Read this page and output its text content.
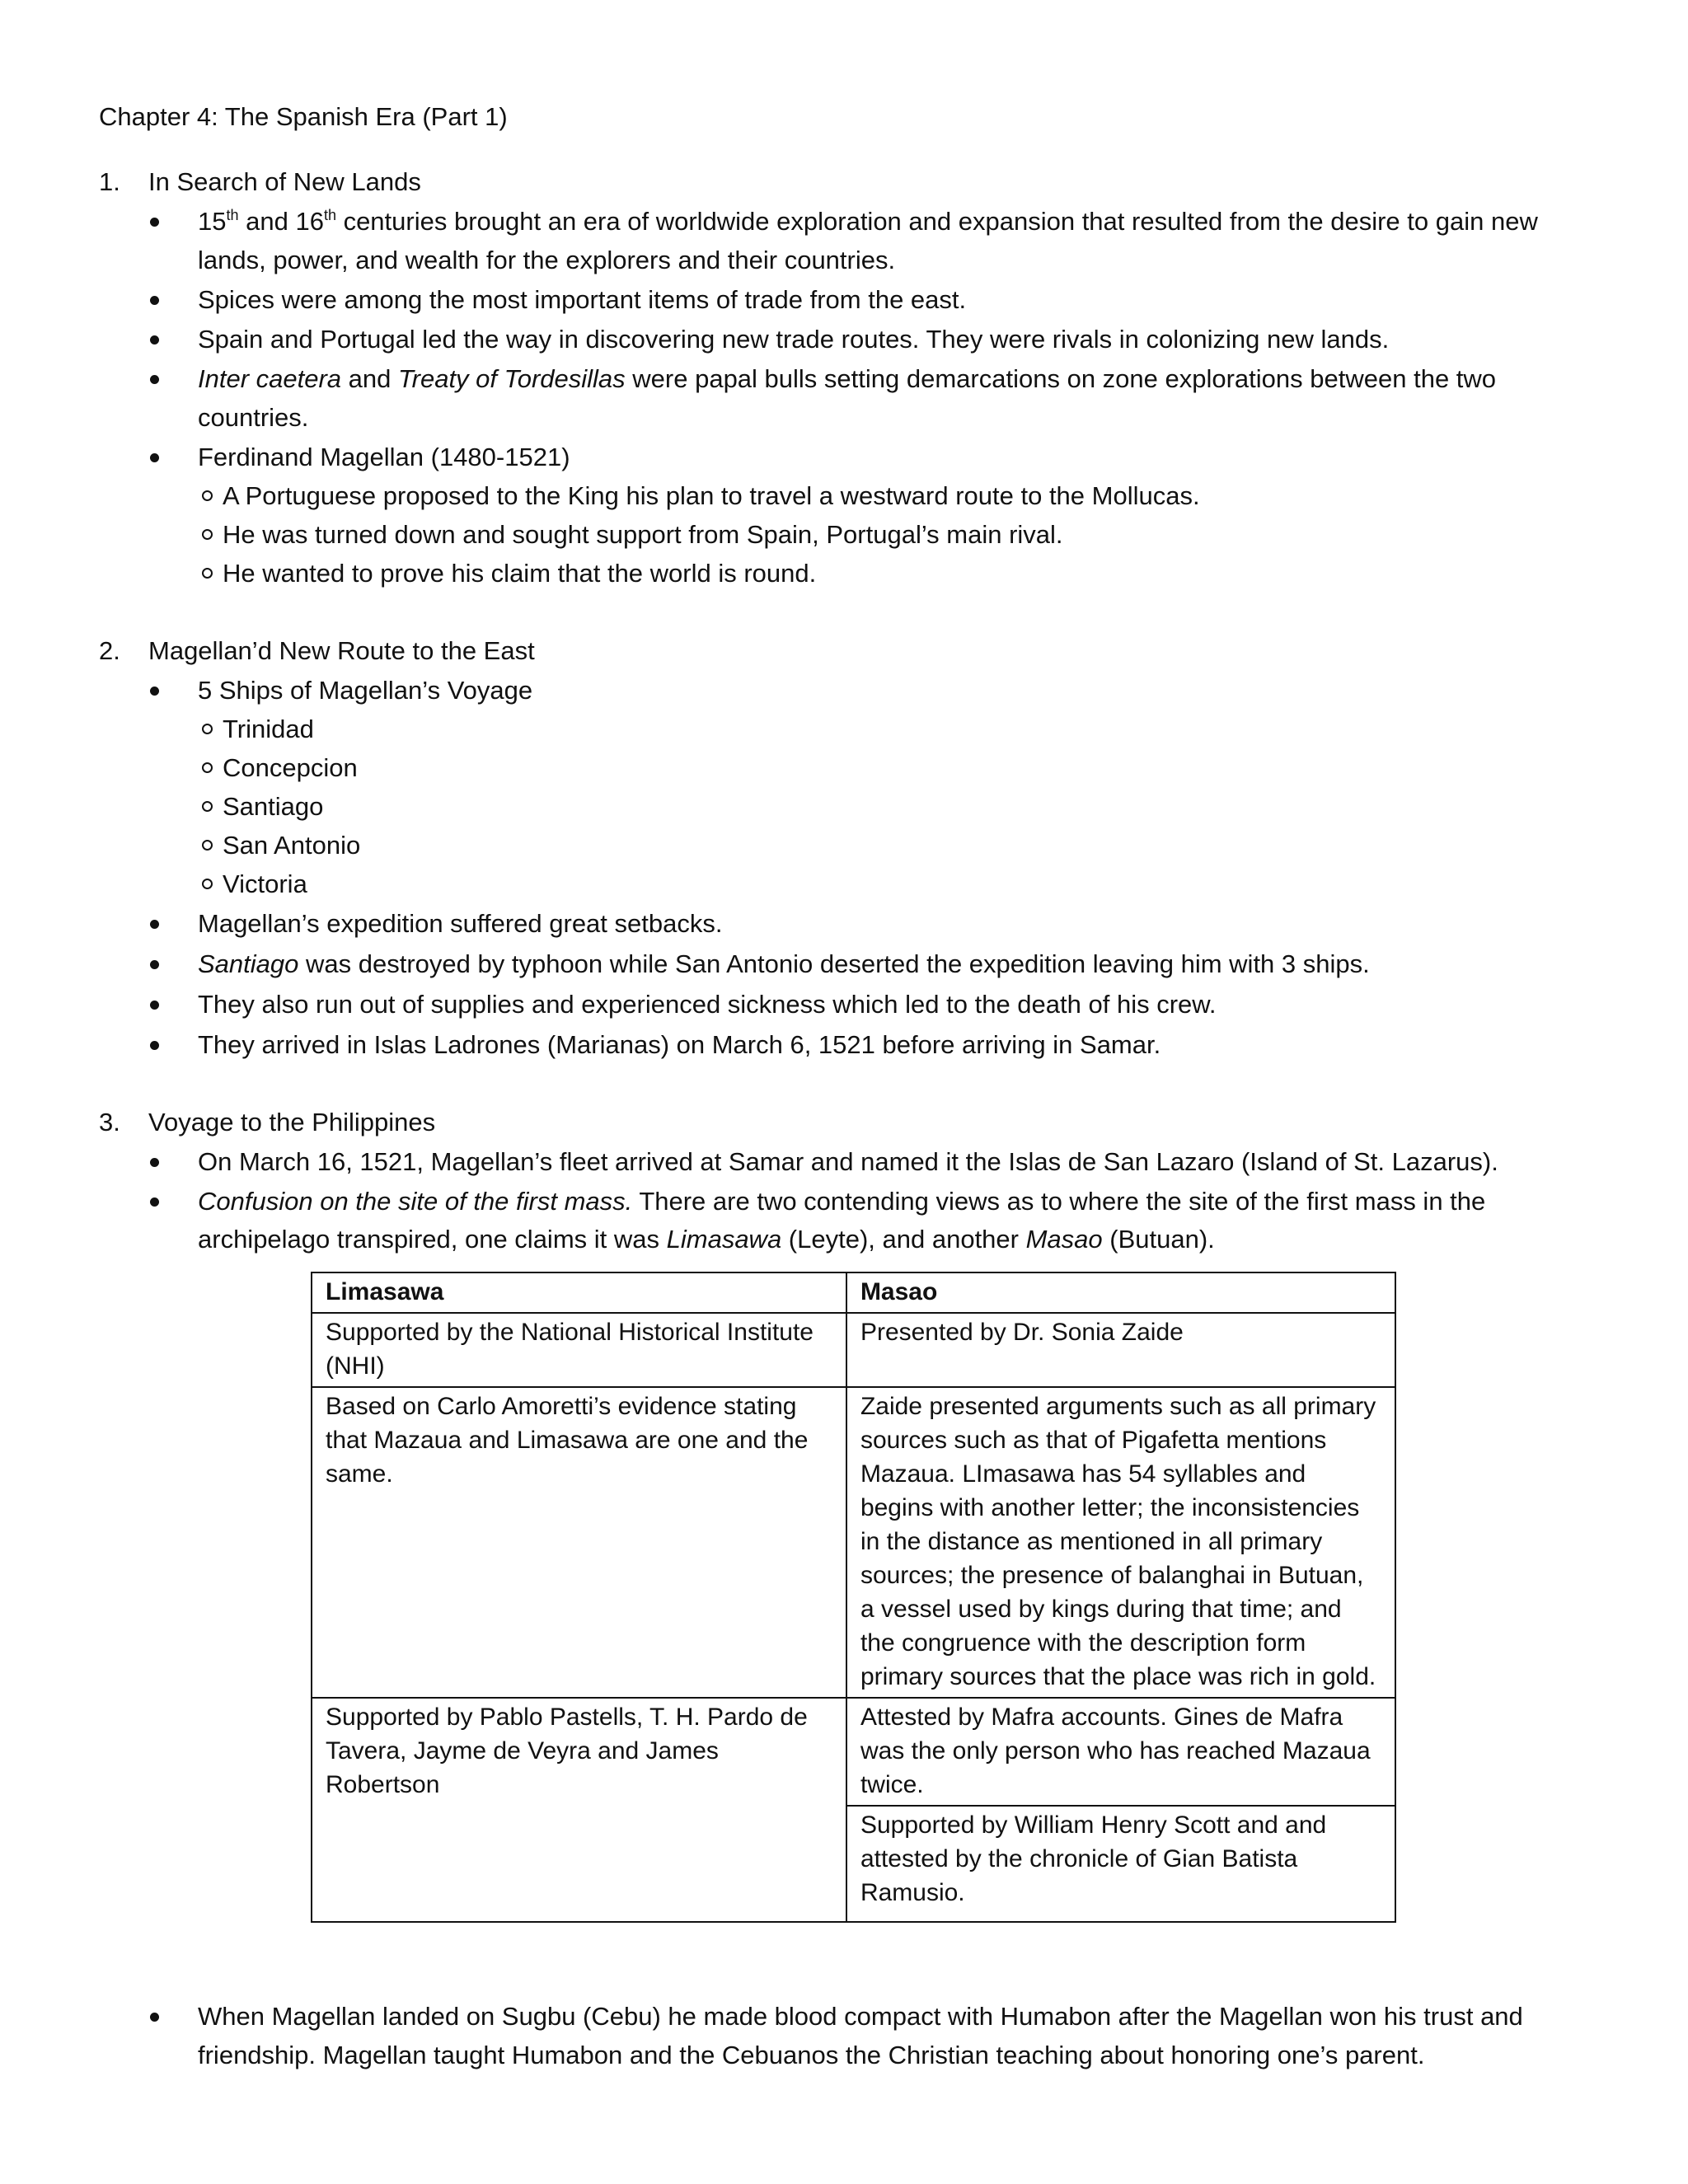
Chapter 4: The Spanish Era (Part 1)
1. In Search of New Lands
15th and 16th centuries brought an era of worldwide exploration and expansion that resulted from the desire to gain new
lands, power, and wealth for the explorers and their countries.
Spices were among the most important items of trade from the east.
Spain and Portugal led the way in discovering new trade routes. They were rivals in colonizing new lands.
Inter caetera and Treaty of Tordesillas were papal bulls setting demarcations on zone explorations between the two
countries.
Ferdinand Magellan (1480-1521)
A Portuguese proposed to the King his plan to travel a westward route to the Mollucas.
He was turned down and sought support from Spain, Portugal’s main rival.
He wanted to prove his claim that the world is round.
2. Magellan’d New Route to the East
5 Ships of Magellan’s Voyage
Trinidad
Concepcion
Santiago
San Antonio
Victoria
Magellan’s expedition suffered great setbacks.
Santiago was destroyed by typhoon while San Antonio deserted the expedition leaving him with 3 ships.
They also run out of supplies and experienced sickness which led to the death of his crew.
They arrived in Islas Ladrones (Marianas) on March 6, 1521 before arriving in Samar.
3. Voyage to the Philippines
On March 16, 1521, Magellan’s fleet arrived at Samar and named it the Islas de San Lazaro (Island of St. Lazarus).
Confusion on the site of the first mass. There are two contending views as to where the site of the first mass in the
archipelago transpired, one claims it was Limasawa (Leyte), and another Masao (Butuan).
Limasawa	Masao
Supported by the National Historical Institute (NHI)	Presented by Dr. Sonia Zaide
Based on Carlo Amoretti’s evidence stating that Mazaua and Limasawa are one and the same.	Zaide presented arguments such as all primary sources such as that of Pigafetta mentions Mazaua. LImasawa has 54 syllables and begins with another letter; the inconsistencies in the distance as mentioned in all primary sources; the presence of balanghai in Butuan, a vessel used by kings during that time; and the congruence with the description form primary sources that the place was rich in gold.
Supported by Pablo Pastells, T. H. Pardo de Tavera, Jayme de Veyra and James Robertson	Attested by Mafra accounts. Gines de Mafra was the only person who has reached Mazaua twice.
	Supported by William Henry Scott and and attested by the chronicle of Gian Batista Ramusio.
When Magellan landed on Sugbu (Cebu) he made blood compact with Humabon after the Magellan won his trust and
friendship. Magellan taught Humabon and the Cebuanos the Christian teaching about honoring one’s parent.
